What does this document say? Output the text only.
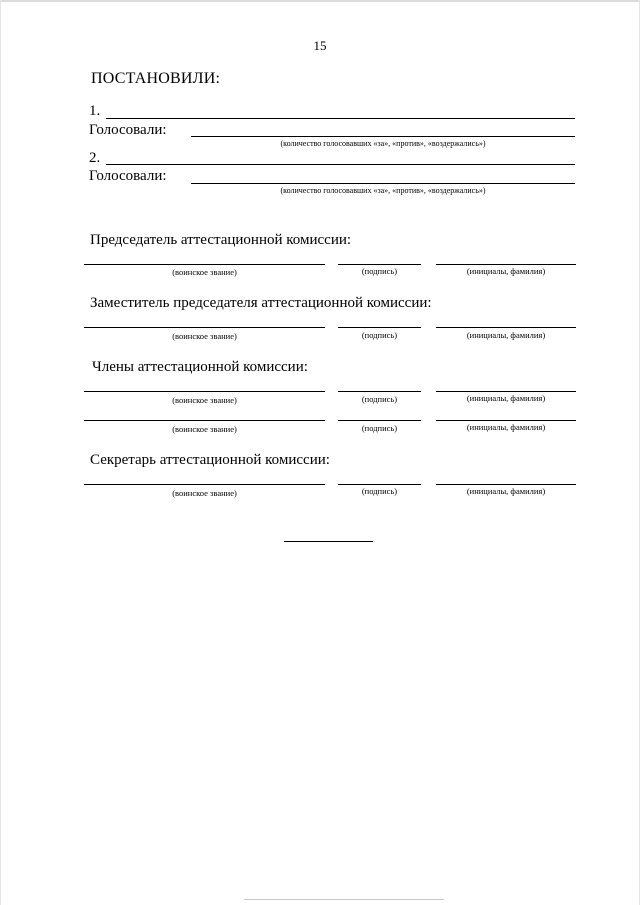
15
ПОСТАНОВИЛИ:
1.
Голосовали:
(количество голосовавших «за», «против», «воздержались»)
2.
Голосовали:
(количество голосовавших «за», «против», «воздержались»)
Председатель аттестационной комиссии:
(воинское звание)	(подпись)	(инициалы, фамилия)
Заместитель председателя аттестационной комиссии:
(воинское звание)	(подпись)	(инициалы, фамилия)
Члены аттестационной комиссии:
(воинское звание)	(подпись)	(инициалы, фамилия)
(воинское звание)	(подпись)	(инициалы, фамилия)
Секретарь аттестационной комиссии:
(воинское звание)	(подпись)	(инициалы, фамилия)
